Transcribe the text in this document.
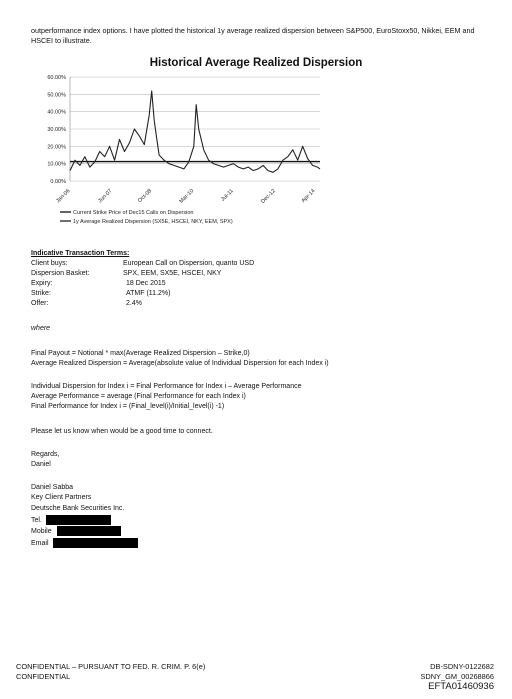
outperformance index options. I have plotted the historical 1y average realized dispersion between S&P500, EuroStoxx50, Nikkei, EEM and HSCEI to illustrate.
Historical Average Realized Dispersion
60.00%
50.00%
40.00%
30.00%
20.00%
10.00%
0.00%
Jan-06	Jun-07	Oct-08	Mar-10	Jul-11	Dec-12	Apr-14
Current Strike Price of Dec15 Calls on Dispersion
1y Average Realized Dispersion (SX5E, HSCEI, NKY, EEM, SPX)
Indicative Transaction Terms:
Client buys:	European Call on Dispersion, quanto USD
Dispersion Basket:	SPX, EEM, SX5E, HSCEI, NKY
Expiry:	18 Dec 2015
Strike:	ATMF (11.2%)
Offer:	2.4%
where
Final Payout = Notional * max(Average Realized Dispersion – Strike,0)
Average Realized Dispersion = Average(absolute value of Individual Dispersion for each Index i)
Individual Dispersion for Index i = Final Performance for Index i – Average Performance
Average Performance = average (Final Performance for each Index i)
Final Performance for Index i = (Final_level(i)/Initial_level(i) -1)
Please let us know when would be a good time to connect.
Regards,
Daniel
Daniel Sabba
Key Client Partners
Deutsche Bank Securities Inc.
Tel.
Mobile
Email
CONFIDENTIAL – PURSUANT TO FED. R. CRIM. P. 6(e)
CONFIDENTIAL
DB-SDNY-0122682
SDNY_GM_00268866
EFTA01460936
